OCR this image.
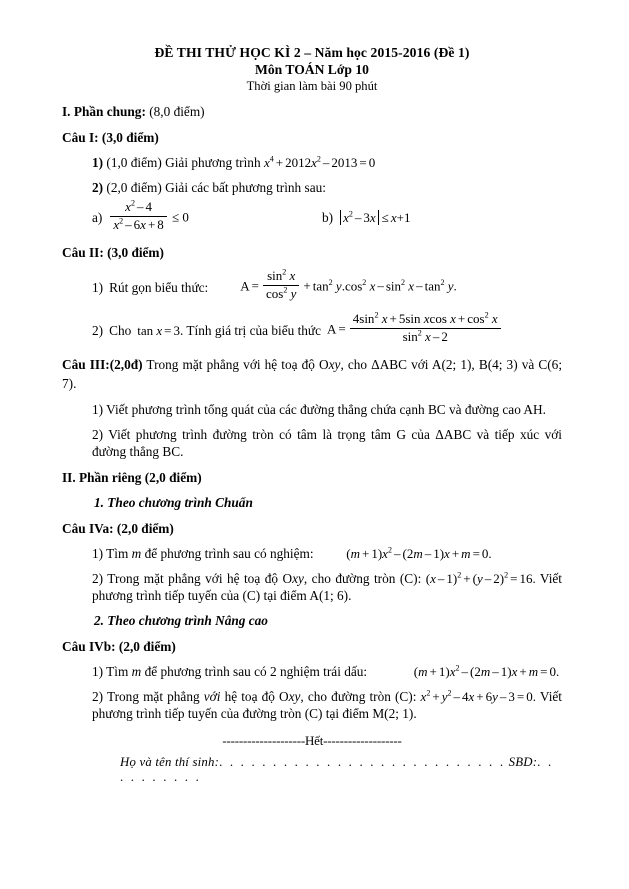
ĐỀ THI THỬ HỌC KÌ 2 – Năm học 2015-2016 (Đề 1)
Môn TOÁN Lớp 10
Thời gian làm bài 90 phút
I. Phần chung: (8,0 điểm)
Câu I: (3,0 điểm)
1) (1,0 điểm) Giải phương trình $x^4 + 2012x^2 - 2013 = 0$
2) (2,0 điểm) Giải các bất phương trình sau:
$a) \frac{x^2 - 4}{x^2 - 6x + 8} \le 0$	b) $x^2 - 3x \le x+1$
Câu II: (3,0 điểm)
1) Rút gọn biểu thức: $A = \frac{\sin^2 x}{\cos^2 y} + \tan^2 y.\cos^2$ x – $\sin^2 x - \tan^2 y$.
2) Cho tan x = 3 . Tính giá trị của biểu thức $A = \frac{4\sin^2 x + 5\sin xcos x + \cos^2 x}{\sin^2 x - 2}$
Câu III:(2,0đ) Trong mặt phẳng với hệ toạ độ Oxy, cho ΔABC với A(2; 1), B(4; 3) và C(6; 7).
1) Viết phương trình tổng quát của các đường thẳng chứa cạnh BC và đường cao AH.
2) Viết phương trình đường tròn có tâm là trọng tâm G của ΔABC và tiếp xúc với đường thẳng BC.
II. Phần riêng (2,0 điểm)
1. Theo chương trình Chuẩn
Câu IVa: (2,0 điểm)
1) Tìm m để phương trình sau có nghiệm:	$(m + 1)x^2 - (2m - 1)x + m = 0$.
2) Trong mặt phẳng với hệ toạ độ Oxy, cho đường tròn (C): (x – 1)$^2$ + (y – 2)$^2$ = 16. Viết phương trình tiếp tuyến của (C) tại điểm A(1; 6).
2. Theo chương trình Nâng cao
Câu IVb: (2,0 điểm)
1) Tìm m để phương trình sau có 2 nghiệm trái dấu:	$(m + 1)x^2 - (2m - 1)x + m = 0$.
2) Trong mặt phẳng với hệ toạ độ Oxy, cho đường tròn (C): $x^2 + y^2 - 4x + 6y - 3 = 0$. Viết phương trình tiếp tuyến của đường tròn (C) tại điểm M(2; 1).
--------------------Hết-------------------
Họ và tên thí sinh:. . . . . . . . . . . . . . . . . . . . . . . . . . . SBD:. . . . . . . . . .
